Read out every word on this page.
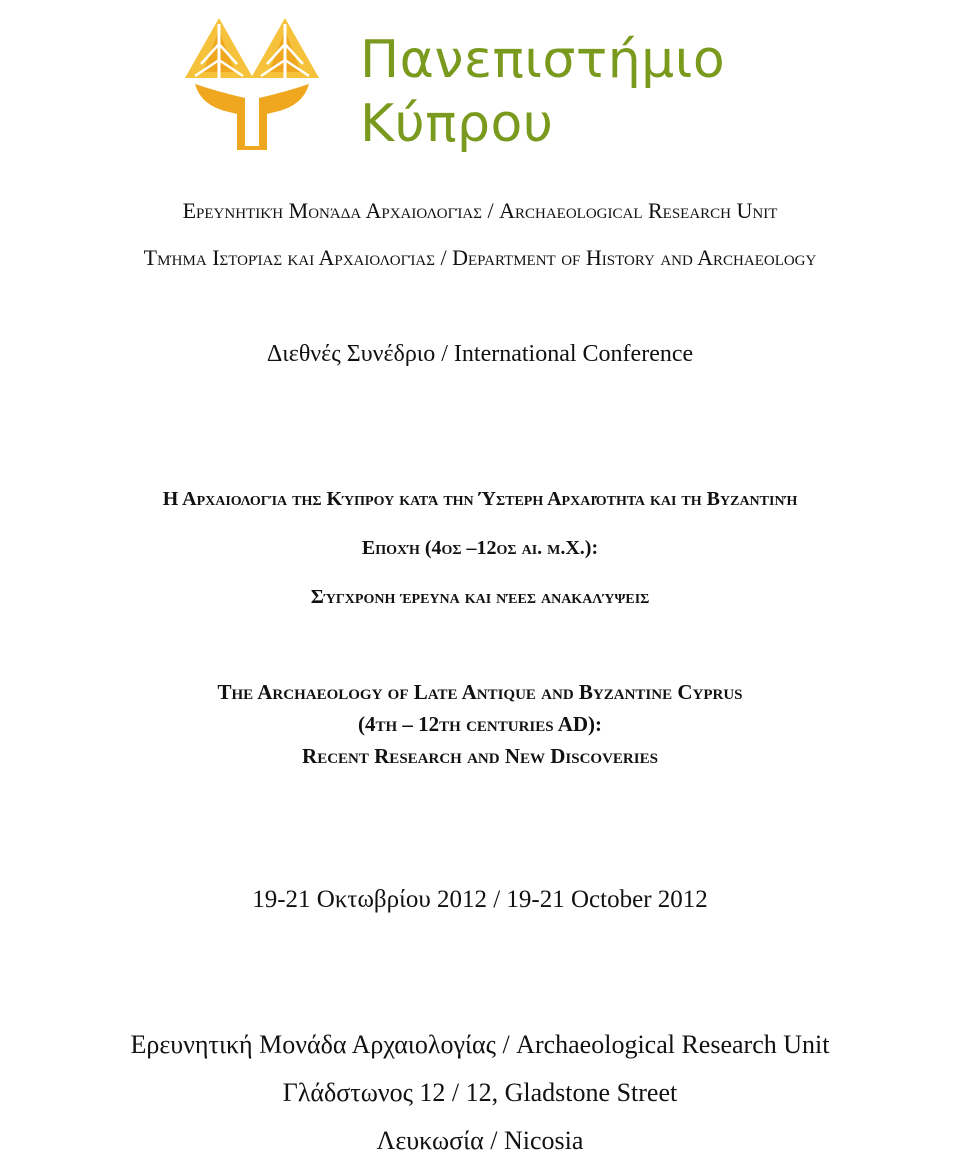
Πανεπιστήμιο
Κύπρου
Ερευνητική Μονάδα Αρχαιολογίας / Archaeological Research Unit
Τμήμα Ιστορίας και Αρχαιολογίας / Department of History and Archaeology
Διεθνές Συνέδριο / International Conference
Η Αρχαιολογία της Κύπρου κατά την Ύστερη Αρχαιότητα και τη Βυζαντινή
Εποχή (4ος –12ος αι. μ.Χ.):
Σύγχρονη έρευνα και νέες ανακαλύψεις
The Archaeology of Late Antique and Byzantine Cyprus
(4th – 12th centuries AD):
Recent Research and New Discoveries
19-21 Οκτωβρίου 2012 / 19-21 October 2012
Ερευνητική Μονάδα Αρχαιολογίας / Archaeological Research Unit
Γλάδστωνος 12 / 12, Gladstone Street
Λευκωσία / Nicosia
